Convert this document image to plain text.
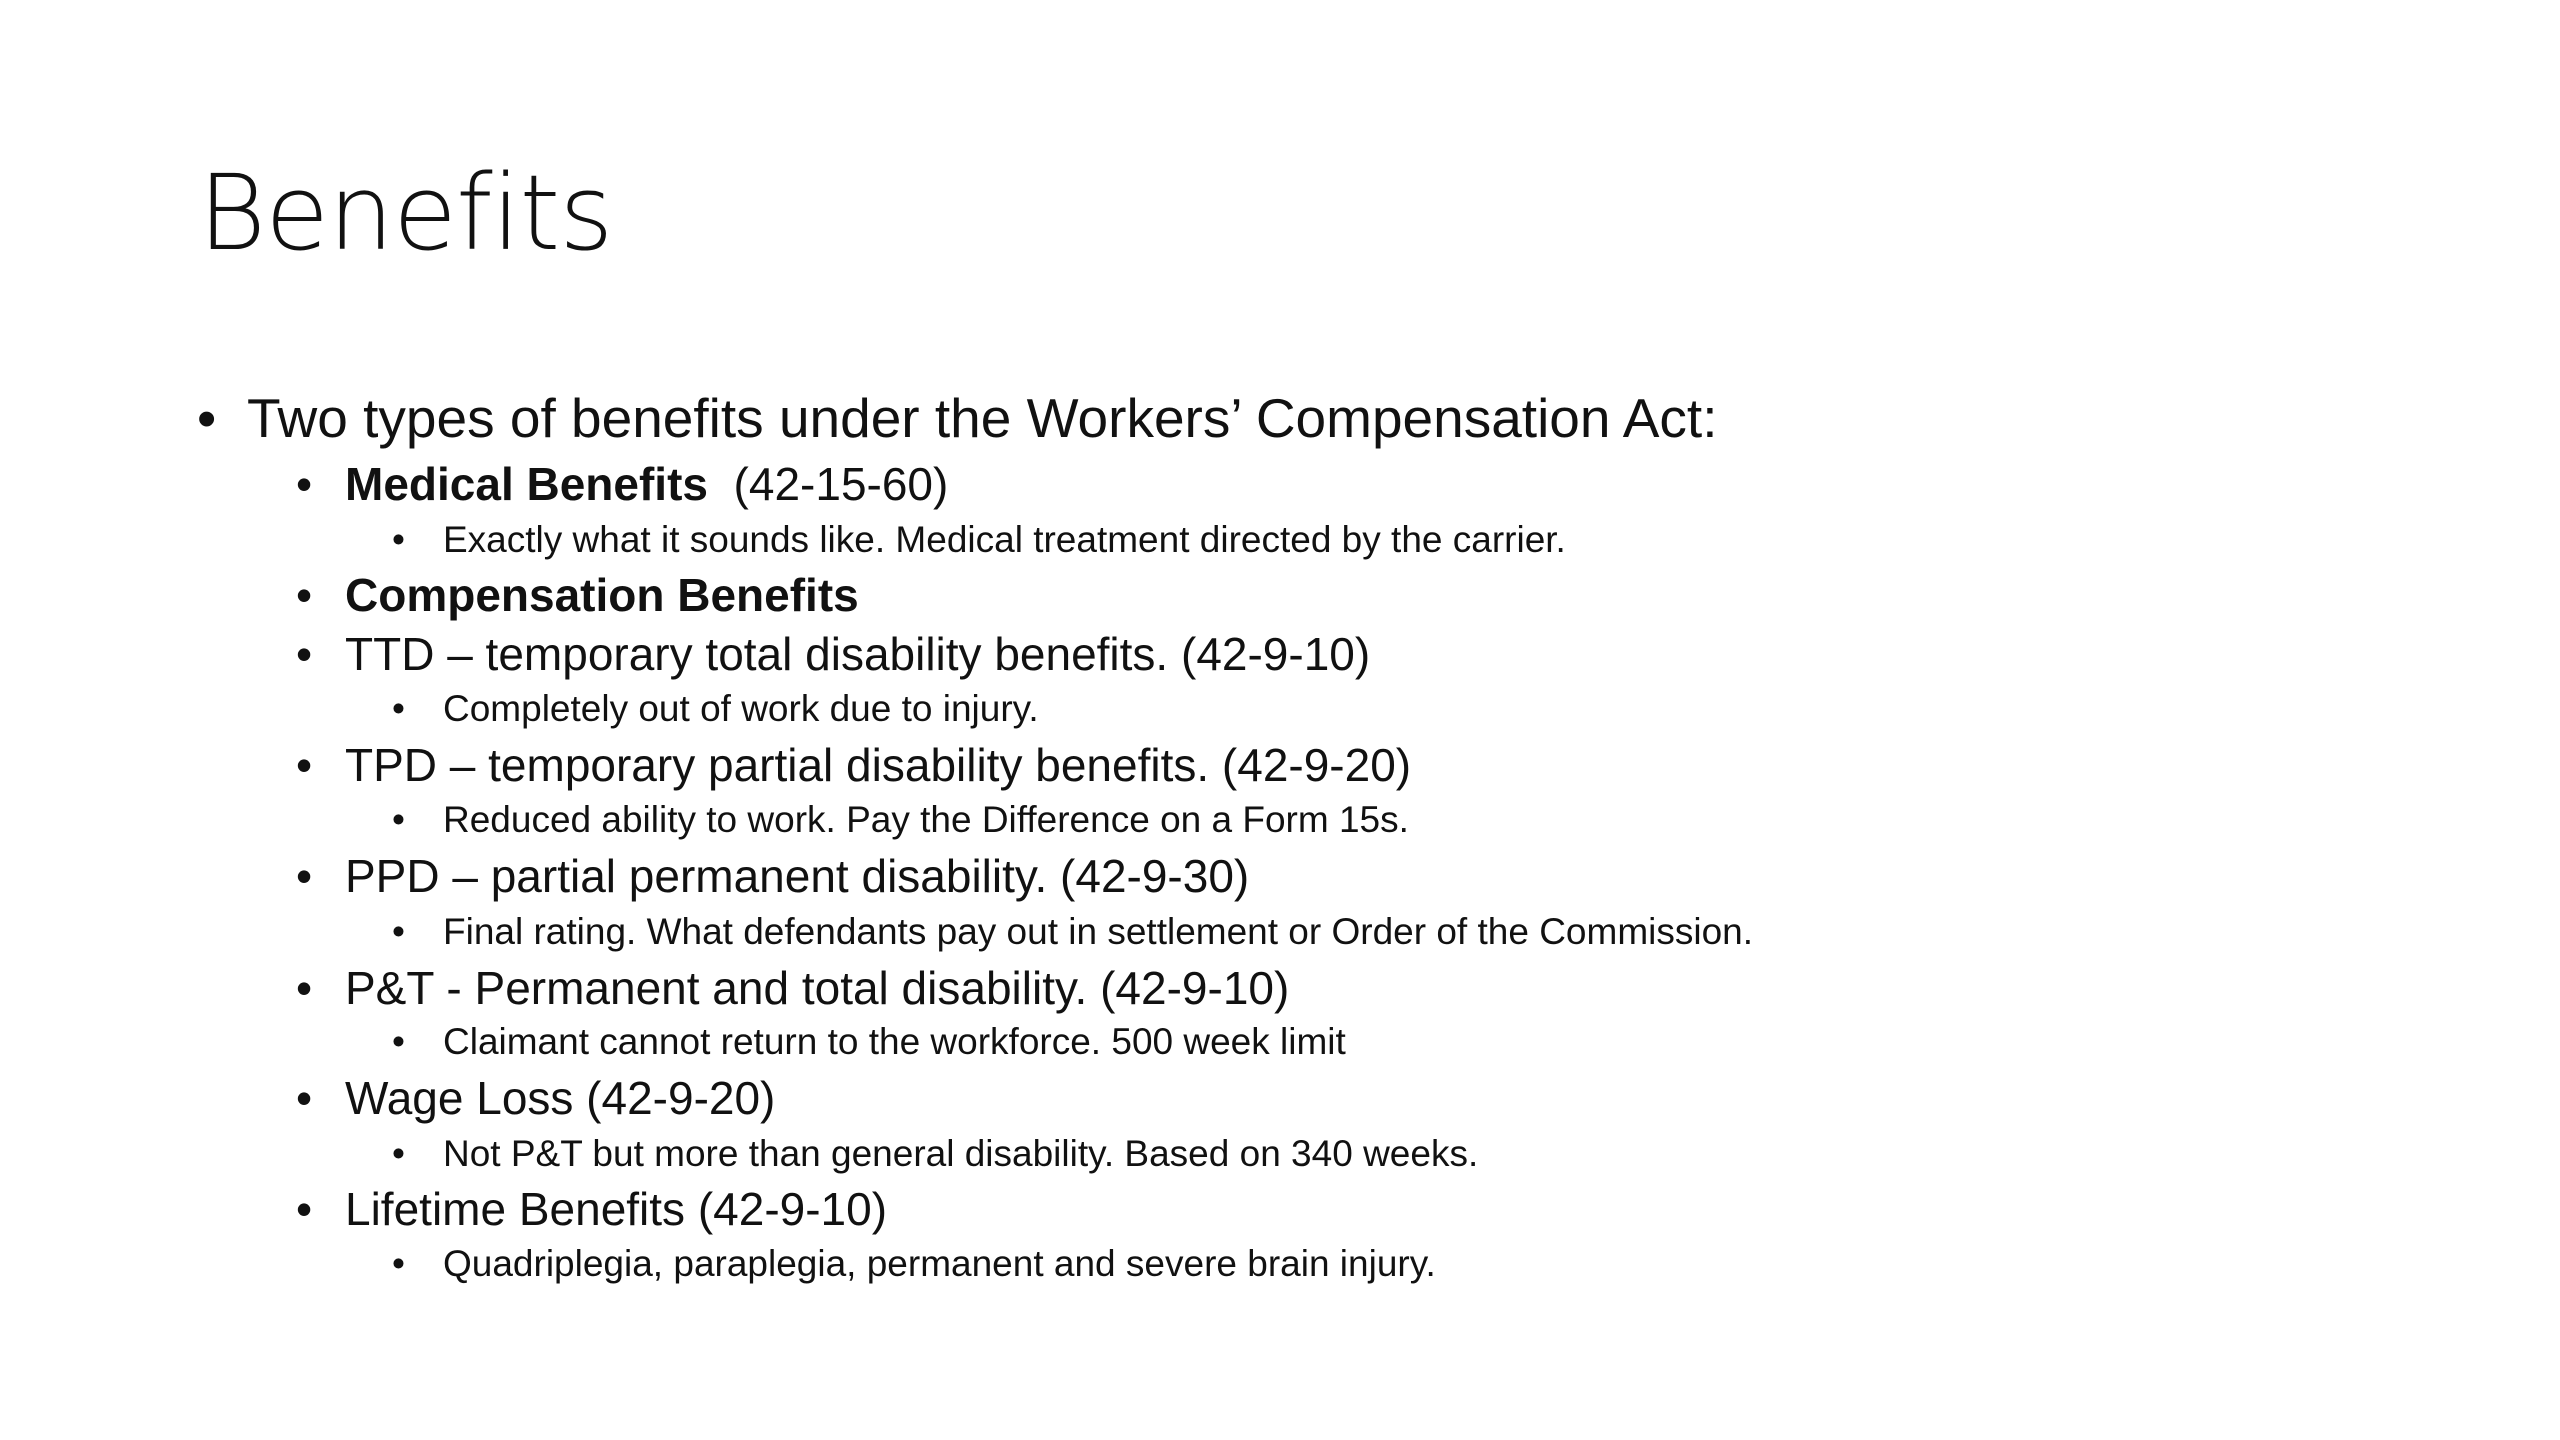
Benefits
• Two types of benefits under the Workers’ Compensation Act:
• Medical Benefits  (42-15-60)
• Exactly what it sounds like. Medical treatment directed by the carrier.
• Compensation Benefits
• TTD – temporary total disability benefits. (42-9-10)
• Completely out of work due to injury.
• TPD – temporary partial disability benefits. (42-9-20)
• Reduced ability to work. Pay the Difference on a Form 15s.
• PPD – partial permanent disability. (42-9-30)
• Final rating. What defendants pay out in settlement or Order of the Commission.
• P&T - Permanent and total disability. (42-9-10)
• Claimant cannot return to the workforce. 500 week limit
• Wage Loss (42-9-20)
• Not P&T but more than general disability. Based on 340 weeks.
• Lifetime Benefits (42-9-10)
• Quadriplegia, paraplegia, permanent and severe brain injury.
